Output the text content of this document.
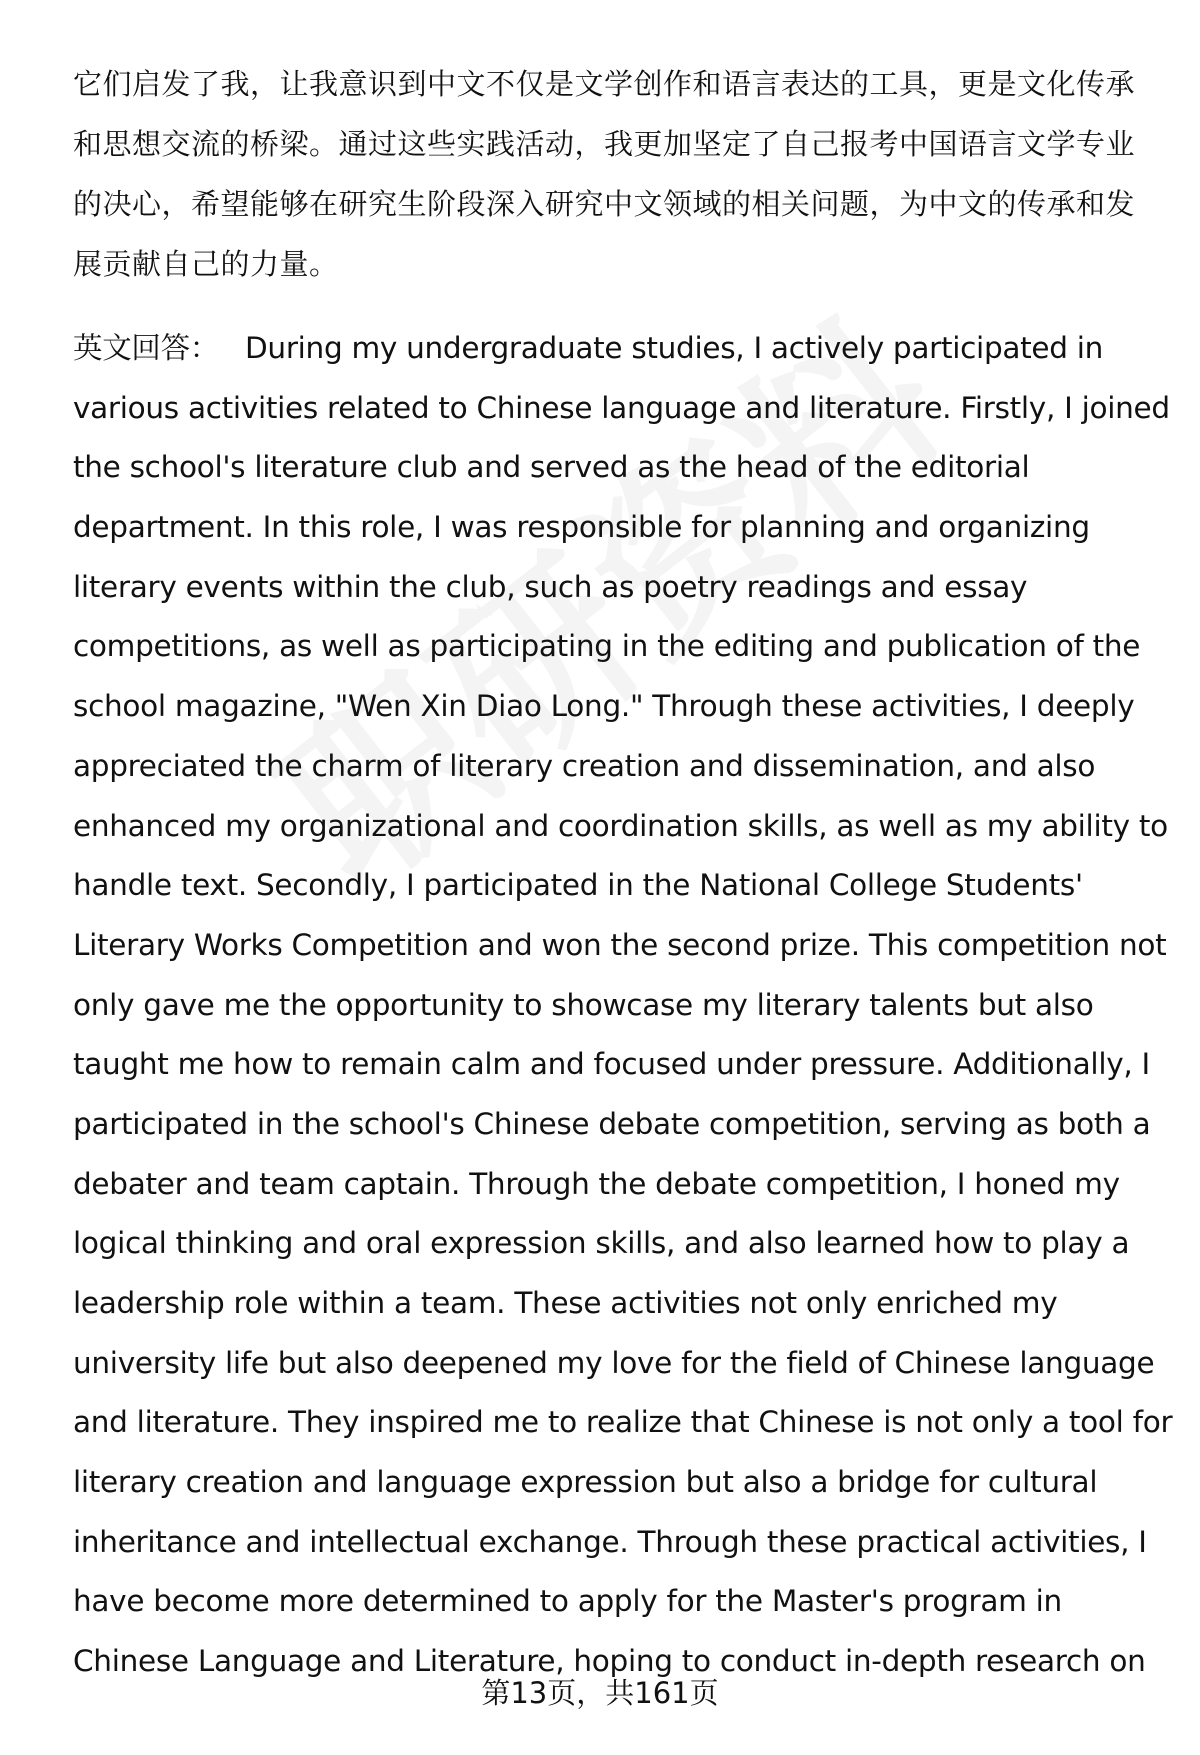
它们启发了我，让我意识到中文不仅是文学创作和语言表达的工具，更是文化传承
和思想交流的桥梁。通过这些实践活动，我更加坚定了自己报考中国语言文学专业
的决心，希望能够在研究生阶段深入研究中文领域的相关问题，为中文的传承和发
展贡献自己的力量。
英文回答： During my undergraduate studies, I actively participated in
various activities related to Chinese language and literature. Firstly, I joined
the school's literature club and served as the head of the editorial
department. In this role, I was responsible for planning and organizing
literary events within the club, such as poetry readings and essay
competitions, as well as participating in the editing and publication of the
school magazine, "Wen Xin Diao Long." Through these activities, I deeply
appreciated the charm of literary creation and dissemination, and also
enhanced my organizational and coordination skills, as well as my ability to
handle text. Secondly, I participated in the National College Students'
Literary Works Competition and won the second prize. This competition not
only gave me the opportunity to showcase my literary talents but also
taught me how to remain calm and focused under pressure. Additionally, I
participated in the school's Chinese debate competition, serving as both a
debater and team captain. Through the debate competition, I honed my
logical thinking and oral expression skills, and also learned how to play a
leadership role within a team. These activities not only enriched my
university life but also deepened my love for the field of Chinese language
and literature. They inspired me to realize that Chinese is not only a tool for
literary creation and language expression but also a bridge for cultural
inheritance and intellectual exchange. Through these practical activities, I
have become more determined to apply for the Master's program in
Chinese Language and Literature, hoping to conduct in-depth research on
第13页，共161页
